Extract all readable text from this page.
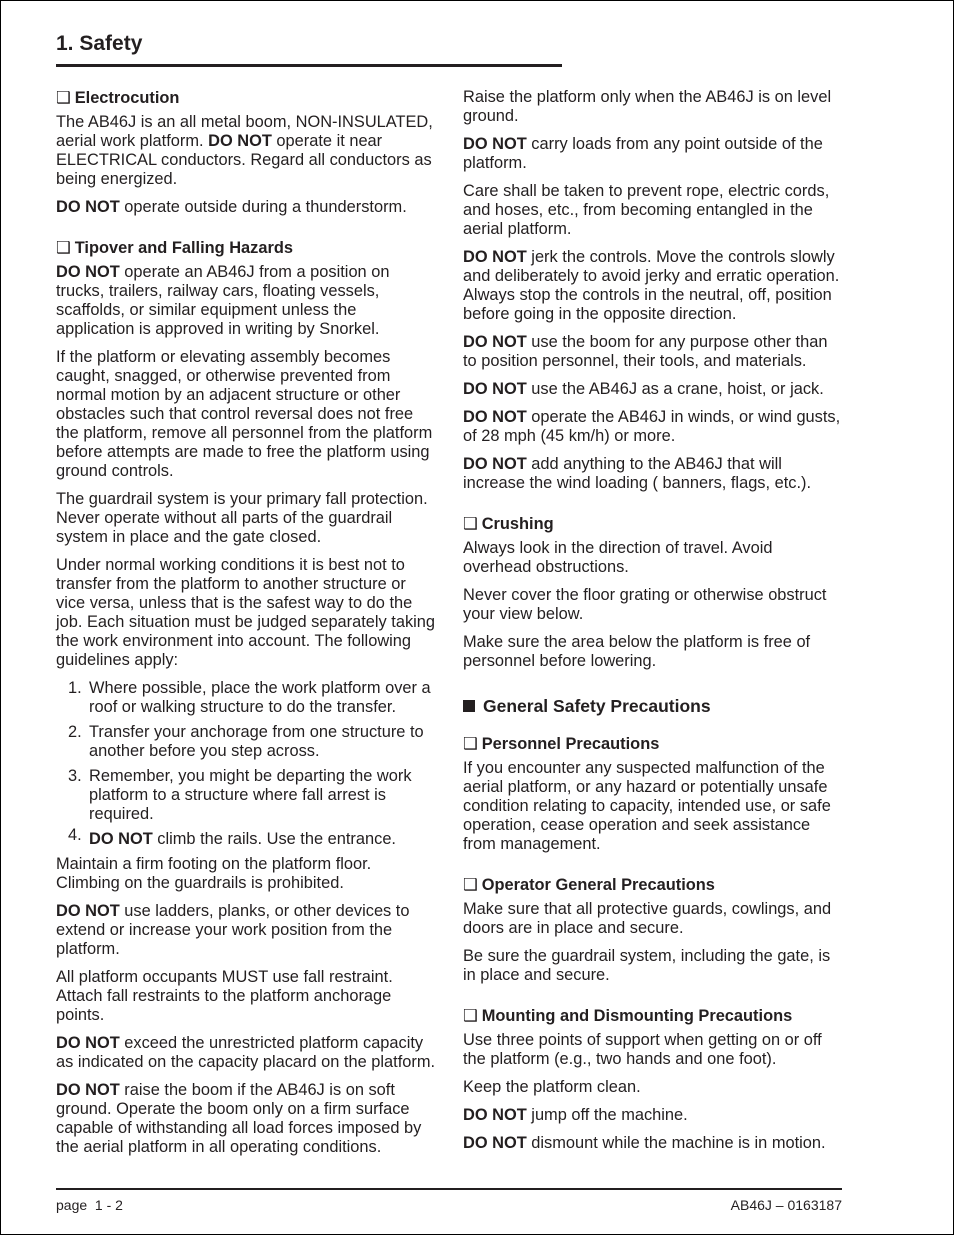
1. Safety
❑ Electrocution

The AB46J is an all metal boom, NON-INSULATED, aerial work platform. DO NOT operate it near ELECTRICAL conductors. Regard all conductors as being energized.

DO NOT operate outside during a thunderstorm.

❑ Tipover and Falling Hazards

DO NOT operate an AB46J from a position on trucks, trailers, railway cars, floating vessels, scaffolds, or similar equipment unless the application is approved in writing by Snorkel.

If the platform or elevating assembly becomes caught, snagged, or otherwise prevented from normal motion by an adjacent structure or other obstacles such that control reversal does not free the platform, remove all personnel from the platform before attempts are made to free the platform using ground controls.

The guardrail system is your primary fall protection. Never operate without all parts of the guardrail system in place and the gate closed.

Under normal working conditions it is best not to transfer from the platform to another structure or vice versa, unless that is the safest way to do the job. Each situation must be judged separately taking the work environment into account. The following guidelines apply:

1. Where possible, place the work platform over a roof or walking structure to do the transfer.
2. Transfer your anchorage from one structure to another before you step across.
3. Remember, you might be departing the work platform to a structure where fall arrest is required.
4. DO NOT climb the rails. Use the entrance.

Maintain a firm footing on the platform floor. Climbing on the guardrails is prohibited.

DO NOT use ladders, planks, or other devices to extend or increase your work position from the platform.

All platform occupants MUST use fall restraint. Attach fall restraints to the platform anchorage points.

DO NOT exceed the unrestricted platform capacity as indicated on the capacity placard on the platform.

DO NOT raise the boom if the AB46J is on soft ground. Operate the boom only on a firm surface capable of withstanding all load forces imposed by the aerial platform in all operating conditions.

Raise the platform only when the AB46J is on level ground.

DO NOT carry loads from any point outside of the platform.

Care shall be taken to prevent rope, electric cords, and hoses, etc., from becoming entangled in the aerial platform.

DO NOT jerk the controls. Move the controls slowly and deliberately to avoid jerky and erratic operation. Always stop the controls in the neutral, off, position before going in the opposite direction.

DO NOT use the boom for any purpose other than to position personnel, their tools, and materials.

DO NOT use the AB46J as a crane, hoist, or jack.

DO NOT operate the AB46J in winds, or wind gusts, of 28 mph (45 km/h) or more.

DO NOT add anything to the AB46J that will increase the wind loading ( banners, flags, etc.).

❑ Crushing

Always look in the direction of travel. Avoid overhead obstructions.

Never cover the floor grating or otherwise obstruct your view below.

Make sure the area below the platform is free of personnel before lowering.

General Safety Precautions
❑ Personnel Precautions

If you encounter any suspected malfunction of the aerial platform, or any hazard or potentially unsafe condition relating to capacity, intended use, or safe operation, cease operation and seek assistance from management.

❑ Operator General Precautions

Make sure that all protective guards, cowlings, and doors are in place and secure.

Be sure the guardrail system, including the gate, is in place and secure.

❑ Mounting and Dismounting Precautions

Use three points of support when getting on or off the platform (e.g., two hands and one foot).

Keep the platform clean.

DO NOT jump off the machine.

DO NOT dismount while the machine is in motion.

page  1 - 2	AB46J – 0163187
